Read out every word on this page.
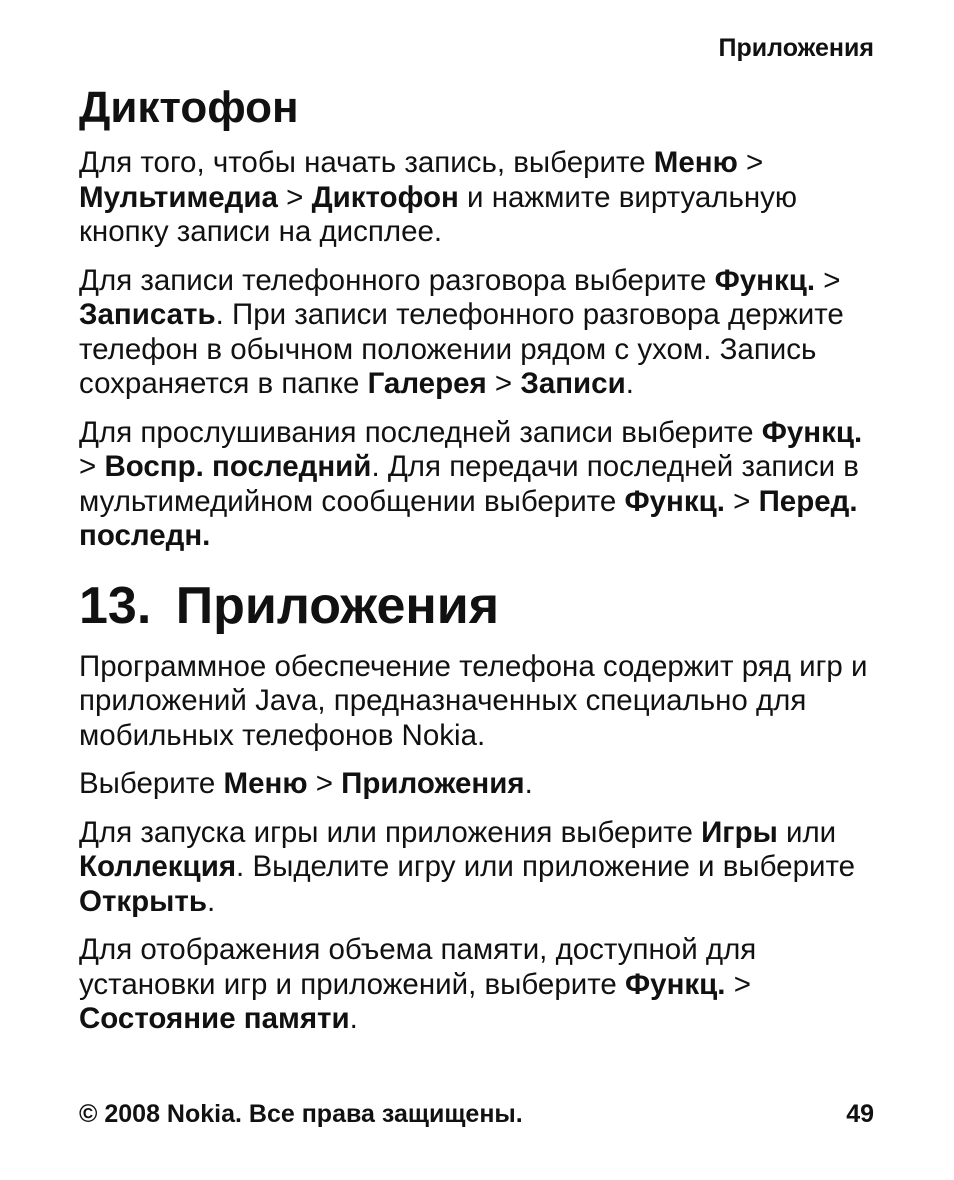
Приложения
Диктофон

Для того, чтобы начать запись, выберите Меню > Мультимедиа > Диктофон и нажмите виртуальную кнопку записи на дисплее.

Для записи телефонного разговора выберите Функц. > Записать. При записи телефонного разговора держите телефон в обычном положении рядом с ухом. Запись сохраняется в папке Галерея > Записи.

Для прослушивания последней записи выберите Функц. > Воспр. последний. Для передачи последней записи в мультимедийном сообщении выберите Функц. > Перед. последн.

13. Приложения

Программное обеспечение телефона содержит ряд игр и приложений Java, предназначенных специально для мобильных телефонов Nokia.

Выберите Меню > Приложения.

Для запуска игры или приложения выберите Игры или Коллекция. Выделите игру или приложение и выберите Открыть.

Для отображения объема памяти, доступной для установки игр и приложений, выберите Функц. > Состояние памяти.

© 2008 Nokia. Все права защищены.	49
